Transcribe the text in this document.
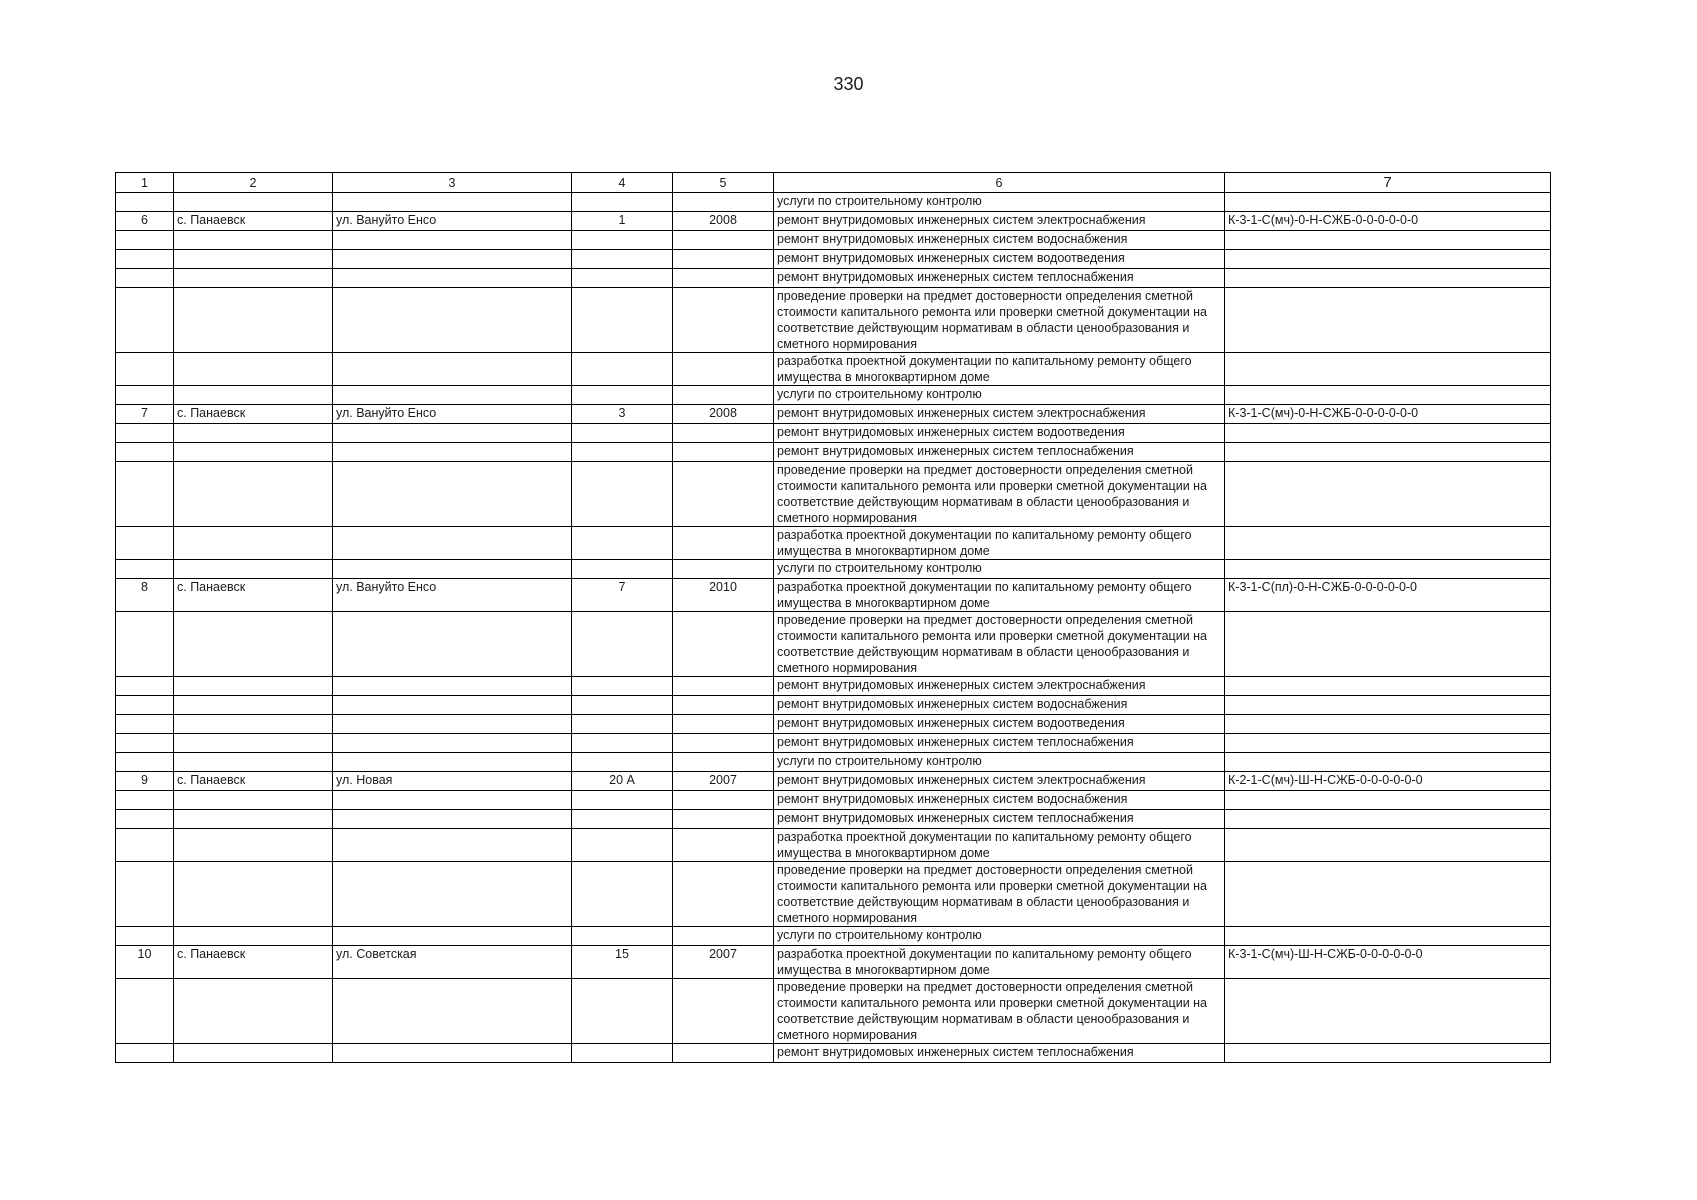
330
1	2	3	4	5	6	7
					услуги по строительному контролю	
6	с. Панаевск	ул. Вануйто Енсо	1	2008	ремонт внутридомовых инженерных систем электроснабжения	К-3-1-С(мч)-0-Н-СЖБ-0-0-0-0-0-0
					ремонт внутридомовых инженерных систем водоснабжения	
					ремонт внутридомовых инженерных систем водоотведения	
					ремонт внутридомовых инженерных систем теплоснабжения	
					проведение проверки на предмет достоверности определения сметной стоимости капитального ремонта или проверки сметной документации на соответствие действующим нормативам в области ценообразования и сметного нормирования	
					разработка проектной документации по капитальному ремонту общего имущества в многоквартирном доме	
					услуги по строительному контролю	
7	с. Панаевск	ул. Вануйто Енсо	3	2008	ремонт внутридомовых инженерных систем электроснабжения	К-3-1-С(мч)-0-Н-СЖБ-0-0-0-0-0-0
					ремонт внутридомовых инженерных систем водоотведения	
					ремонт внутридомовых инженерных систем теплоснабжения	
					проведение проверки на предмет достоверности определения сметной стоимости капитального ремонта или проверки сметной документации на соответствие действующим нормативам в области ценообразования и сметного нормирования	
					разработка проектной документации по капитальному ремонту общего имущества в многоквартирном доме	
					услуги по строительному контролю	
8	с. Панаевск	ул. Вануйто Енсо	7	2010	разработка проектной документации по капитальному ремонту общего имущества в многоквартирном доме	К-3-1-С(пл)-0-Н-СЖБ-0-0-0-0-0-0
					проведение проверки на предмет достоверности определения сметной стоимости капитального ремонта или проверки сметной документации на соответствие действующим нормативам в области ценообразования и сметного нормирования	
					ремонт внутридомовых инженерных систем электроснабжения	
					ремонт внутридомовых инженерных систем водоснабжения	
					ремонт внутридомовых инженерных систем водоотведения	
					ремонт внутридомовых инженерных систем теплоснабжения	
					услуги по строительному контролю	
9	с. Панаевск	ул. Новая	20 А	2007	ремонт внутридомовых инженерных систем электроснабжения	К-2-1-С(мч)-Ш-Н-СЖБ-0-0-0-0-0-0
					ремонт внутридомовых инженерных систем водоснабжения	
					ремонт внутридомовых инженерных систем теплоснабжения	
					разработка проектной документации по капитальному ремонту общего имущества в многоквартирном доме	
					проведение проверки на предмет достоверности определения сметной стоимости капитального ремонта или проверки сметной документации на соответствие действующим нормативам в области ценообразования и сметного нормирования	
					услуги по строительному контролю	
10	с. Панаевск	ул. Советская	15	2007	разработка проектной документации по капитальному ремонту общего имущества в многоквартирном доме	К-3-1-С(мч)-Ш-Н-СЖБ-0-0-0-0-0-0
					проведение проверки на предмет достоверности определения сметной стоимости капитального ремонта или проверки сметной документации на соответствие действующим нормативам в области ценообразования и сметного нормирования	
					ремонт внутридомовых инженерных систем теплоснабжения	
